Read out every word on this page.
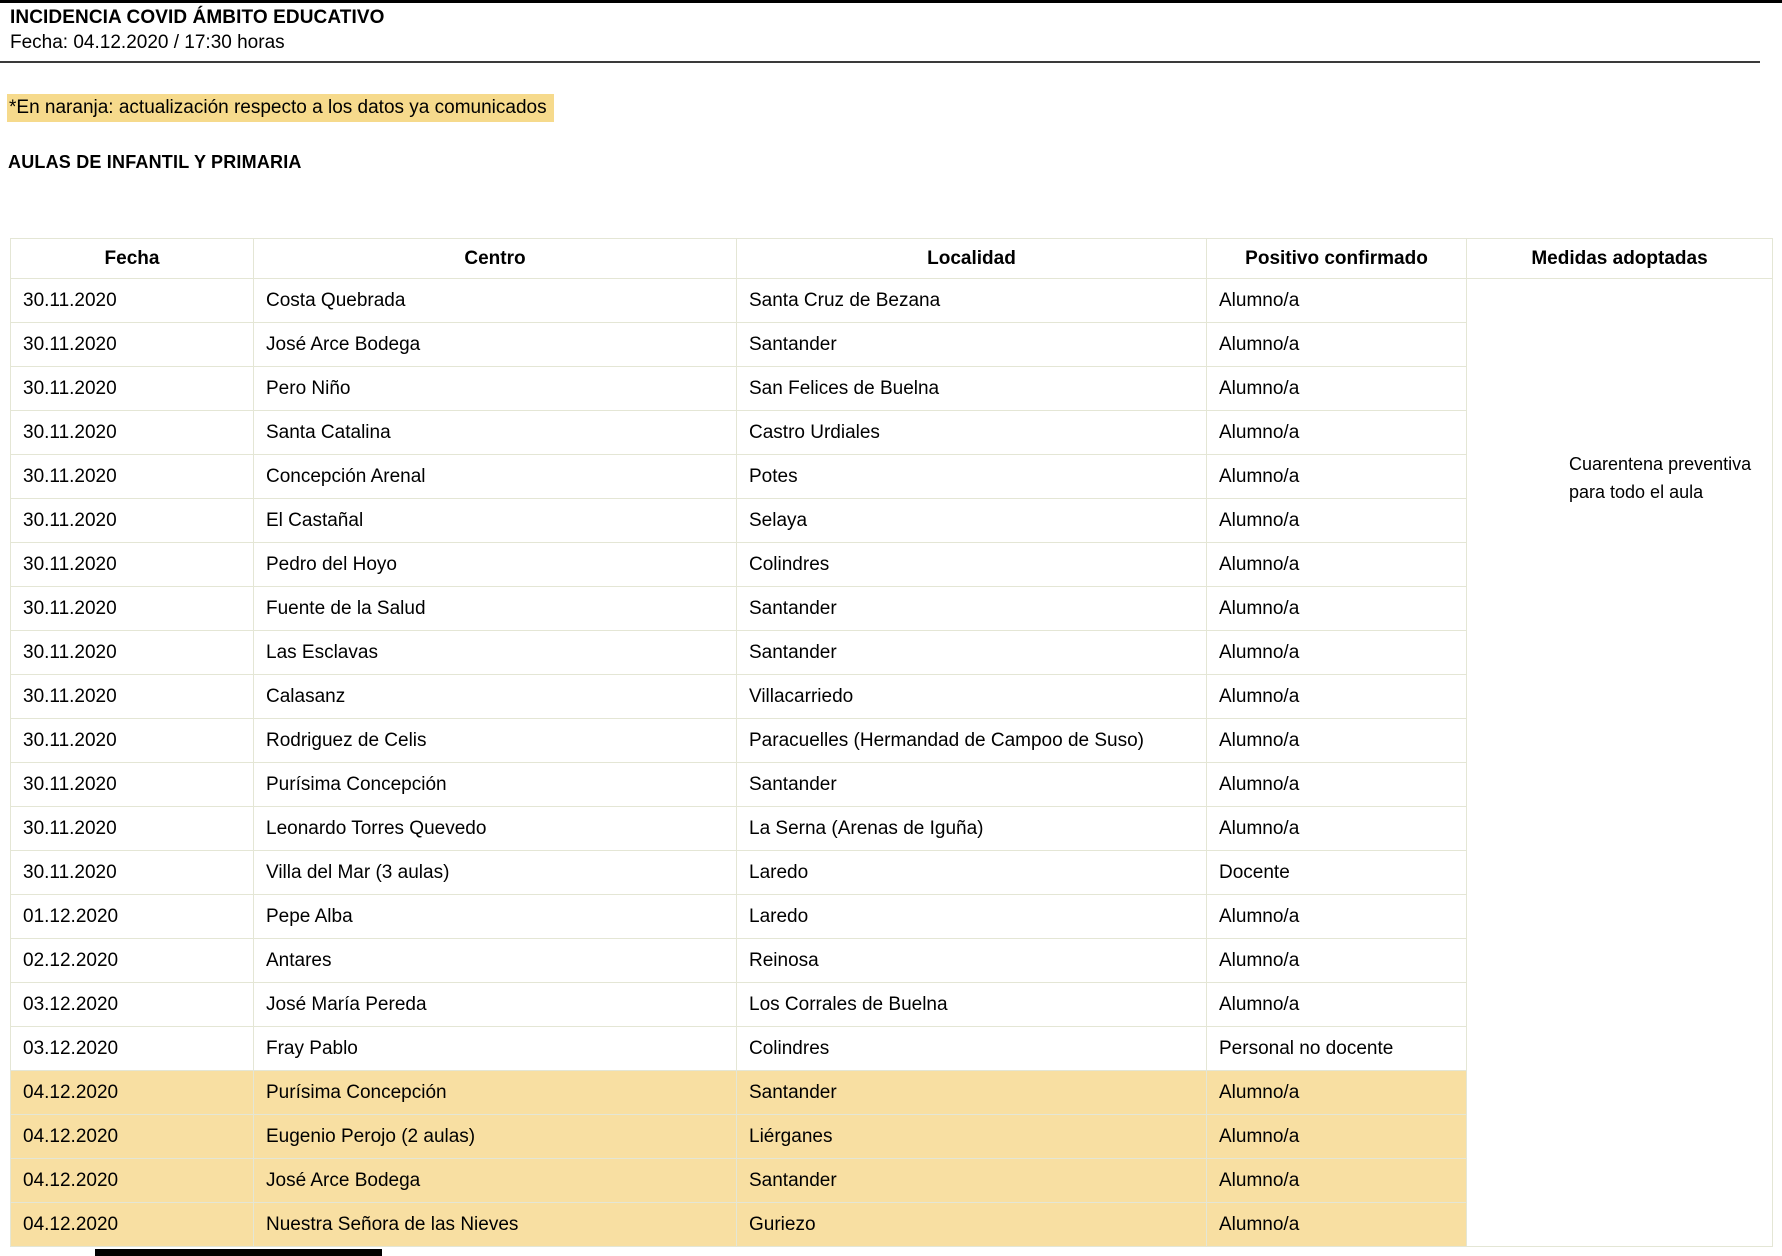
INCIDENCIA COVID ÁMBITO EDUCATIVO
Fecha: 04.12.2020 / 17:30 horas
*En naranja: actualización respecto a los datos ya comunicados
AULAS DE INFANTIL Y PRIMARIA
Fecha	Centro	Localidad	Positivo confirmado	Medidas adoptadas
30.11.2020	Costa Quebrada	Santa Cruz de Bezana	Alumno/a	Cuarentena preventiva para todo el aula

30.11.2020	José Arce Bodega	Santander	Alumno/a	
30.11.2020	Pero Niño	San Felices de Buelna	Alumno/a	
30.11.2020	Santa Catalina	Castro Urdiales	Alumno/a	
30.11.2020	Concepción Arenal	Potes	Alumno/a	
30.11.2020	El Castañal	Selaya	Alumno/a	
30.11.2020	Pedro del Hoyo	Colindres	Alumno/a	
30.11.2020	Fuente de la Salud	Santander	Alumno/a	
30.11.2020	Las Esclavas	Santander	Alumno/a	
30.11.2020	Calasanz	Villacarriedo	Alumno/a	
30.11.2020	Rodriguez de Celis	Paracuelles (Hermandad de Campoo de Suso)	Alumno/a	
30.11.2020	Purísima Concepción	Santander	Alumno/a	
30.11.2020	Leonardo Torres Quevedo	La Serna (Arenas de Iguña)	Alumno/a	
30.11.2020	Villa del Mar (3 aulas)	Laredo	Docente	
01.12.2020	Pepe Alba	Laredo	Alumno/a	
02.12.2020	Antares	Reinosa	Alumno/a	
03.12.2020	José María Pereda	Los Corrales de Buelna	Alumno/a	
03.12.2020	Fray Pablo	Colindres	Personal no docente	
04.12.2020	Purísima Concepción	Santander	Alumno/a	
04.12.2020	Eugenio Perojo (2 aulas)	Liérganes	Alumno/a	
04.12.2020	José Arce Bodega	Santander	Alumno/a	
04.12.2020	Nuestra Señora de las Nieves	Guriezo	Alumno/a	
